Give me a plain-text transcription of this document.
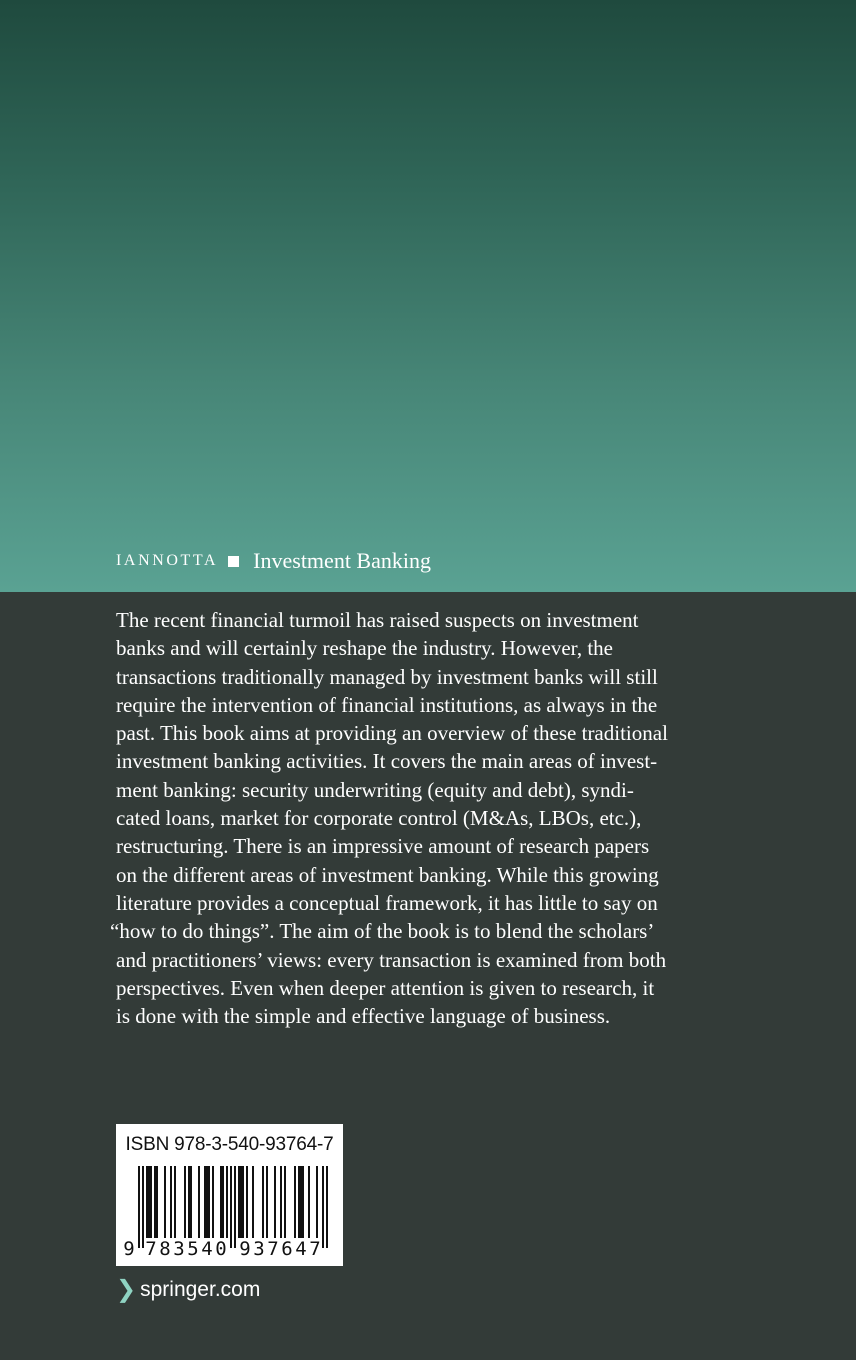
IANNOTTA Investment Banking

The recent financial turmoil has raised suspects on investment
banks and will certainly reshape the industry. However, the
transactions traditionally managed by investment banks will still
require the intervention of financial institutions, as always in the
past. This book aims at providing an overview of these traditional
investment banking activities. It covers the main areas of invest-
ment banking: security underwriting (equity and debt), syndi-
cated loans, market for corporate control (M&As, LBOs, etc.),
restructuring. There is an impressive amount of research papers
on the different areas of investment banking. While this growing
literature provides a conceptual framework, it has little to say on
“how to do things”. The aim of the book is to blend the scholars’
and practitioners’ views: every transaction is examined from both
perspectives. Even when deeper attention is given to research, it
is done with the simple and effective language of business.

ISBN 978-3-540-93764-7
9 7 8 3 5 4 0 9 3 7 6 4 7
❯ springer.com
